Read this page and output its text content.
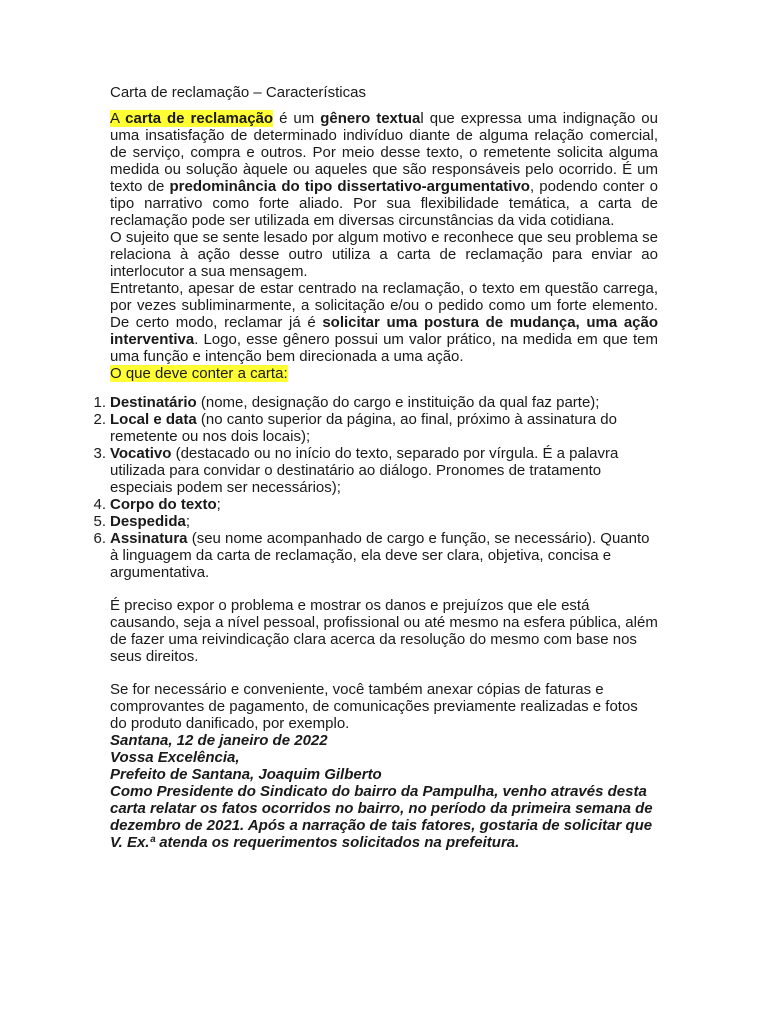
Carta de reclamação – Características

A carta de reclamação é um gênero textual que expressa uma indignação ou uma insatisfação de determinado indivíduo diante de alguma relação comercial, de serviço, compra e outros. Por meio desse texto, o remetente solicita alguma medida ou solução àquele ou aqueles que são responsáveis pelo ocorrido. É um texto de predominância do tipo dissertativo-argumentativo, podendo conter o tipo narrativo como forte aliado. Por sua flexibilidade temática, a carta de reclamação pode ser utilizada em diversas circunstâncias da vida cotidiana.

O sujeito que se sente lesado por algum motivo e reconhece que seu problema se relaciona à ação desse outro utiliza a carta de reclamação para enviar ao interlocutor a sua mensagem.

Entretanto, apesar de estar centrado na reclamação, o texto em questão carrega, por vezes subliminarmente, a solicitação e/ou o pedido como um forte elemento. De certo modo, reclamar já é solicitar uma postura de mudança, uma ação interventiva. Logo, esse gênero possui um valor prático, na medida em que tem uma função e intenção bem direcionada a uma ação.

O que deve conter a carta:

1. Destinatário (nome, designação do cargo e instituição da qual faz parte);
2. Local e data (no canto superior da página, ao final, próximo à assinatura do remetente ou nos dois locais);
3. Vocativo (destacado ou no início do texto, separado por vírgula. É a palavra utilizada para convidar o destinatário ao diálogo. Pronomes de tratamento especiais podem ser necessários);
4. Corpo do texto;
5. Despedida;
6. Assinatura (seu nome acompanhado de cargo e função, se necessário). Quanto à linguagem da carta de reclamação, ela deve ser clara, objetiva, concisa e argumentativa.

É preciso expor o problema e mostrar os danos e prejuízos que ele está causando, seja a nível pessoal, profissional ou até mesmo na esfera pública, além de fazer uma reivindicação clara acerca da resolução do mesmo com base nos seus direitos.

Se for necessário e conveniente, você também anexar cópias de faturas e comprovantes de pagamento, de comunicações previamente realizadas e fotos do produto danificado, por exemplo.

Santana, 12 de janeiro de 2022

Vossa Excelência,

Prefeito de Santana, Joaquim Gilberto

Como Presidente do Sindicato do bairro da Pampulha, venho através desta carta relatar os fatos ocorridos no bairro, no período da primeira semana de dezembro de 2021. Após a narração de tais fatores, gostaria de solicitar que V. Ex.ª atenda os requerimentos solicitados na prefeitura.
